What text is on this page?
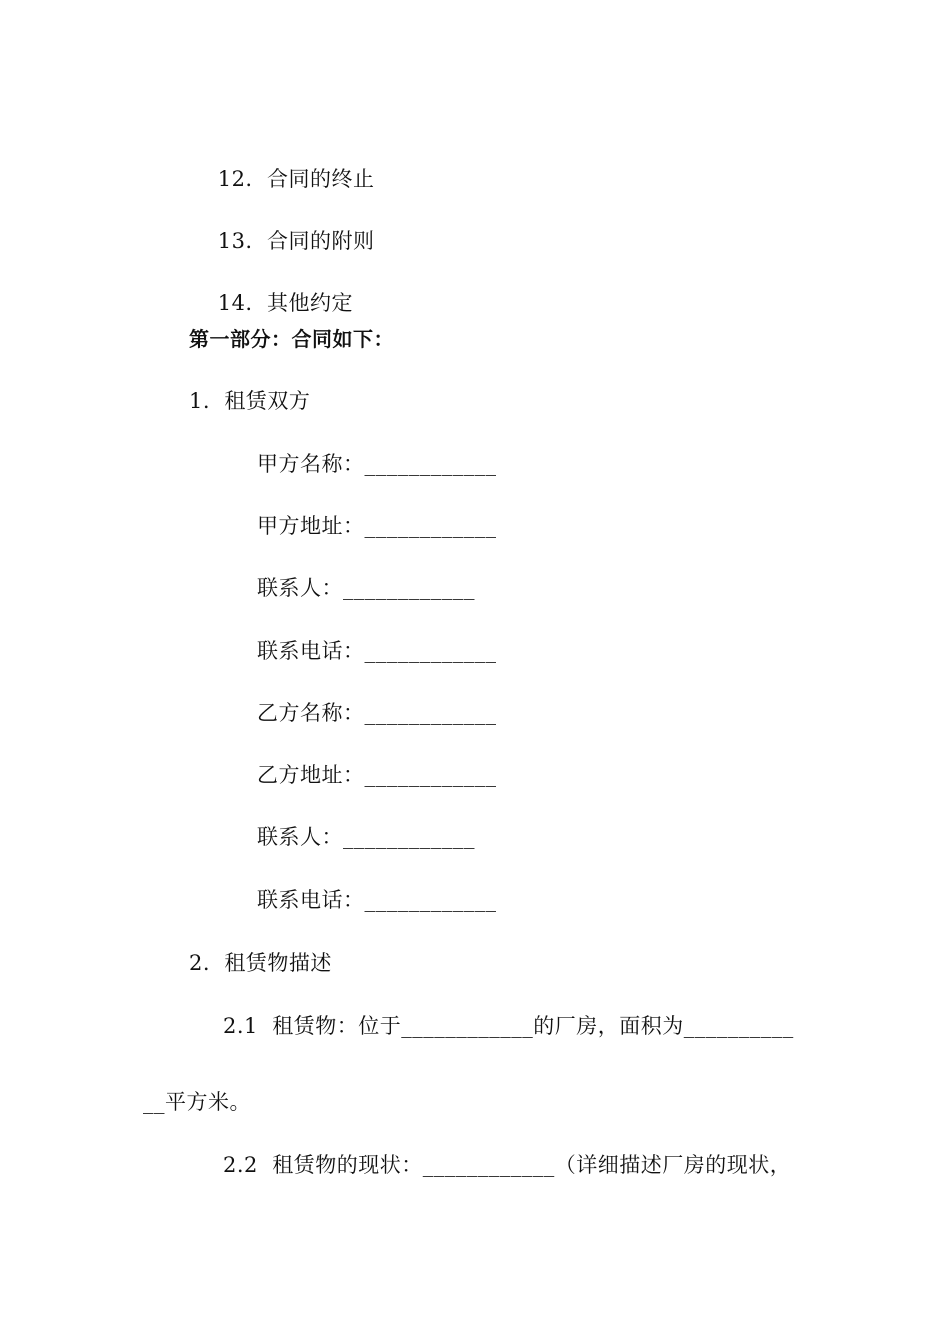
12. 合同的终止

13. 合同的附则

14. 其他约定

第一部分：合同如下：
1.  租赁双方
甲方名称：____________
甲方地址：____________
联系人：____________
联系电话：____________
乙方名称：____________
乙方地址：____________
联系人：____________
联系电话：____________
2.  租赁物描述
2.1  租赁物：位于____________的厂房，面积为__________
__平方米。
2.2  租赁物的现状：____________（详细描述厂房的现状，
